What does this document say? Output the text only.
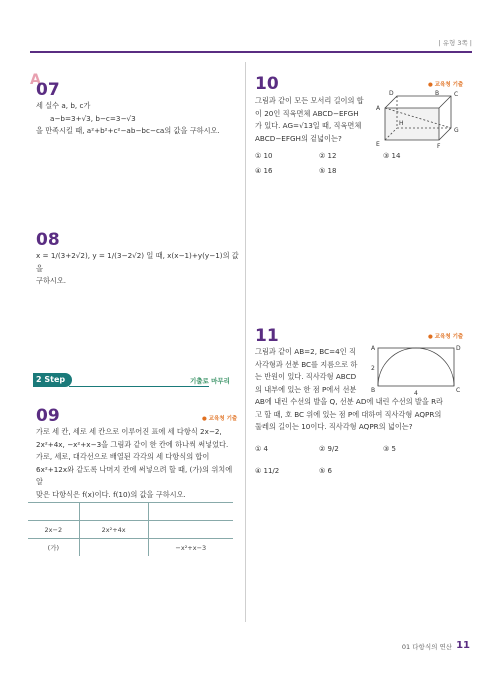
| 유형 3쪽 |
A
07
세 실수 a, b, c가
a−b=3+√3, b−c=3−√3
을 만족시킬 때, a²+b²+c²−ab−bc−ca의 값을 구하시오.
08
x = 1/(3+2√2), y = 1/(3−2√2) 일 때, x(x−1)+y(y−1)의 값을
구하시오.
2 Step	기출로 마무리
09	● 교육청 기출
가로 세 칸, 세로 세 칸으로 이루어진 표에 세 다항식 2x−2,
2x²+4x, −x²+x−3을 그림과 같이 한 칸에 하나씩 써넣었다.
가로, 세로, 대각선으로 배열된 각각의 세 다항식의 합이
6x²+12x와 같도록 나머지 칸에 써넣으려 할 때, (가)의 위치에 알
맞은 다항식은 f(x)이다. f(10)의 값을 구하시오.

2x−2	2x²+4x	
(가)		−x²+x−3
10	● 교육청 기출
그림과 같이 모든 모서리 길이의 합
이 20인 직육면체 ABCD−EFGH
가 있다. AG=√13일 때, 직육면체
ABCD−EFGH의 겉넓이는?
A
B C
D
E	F
G
H
① 10	② 12	③ 14
④ 16	⑤ 18
11	● 교육청 기출
그림과 같이 AB=2, BC=4인 직
사각형과 선분 BC를 지름으로 하
는 반원이 있다. 직사각형 ABCD
의 내부에 있는 한 점 P에서 선분
AB에 내린 수선의 발을 Q, 선분 AD에 내린 수선의 발을 R라
고 할 때, 호 BC 위에 있는 점 P에 대하여 직사각형 AQPR의
둘레의 길이는 10이다. 직사각형 AQPR의 넓이는?
A	D
B	C
2
4
① 4	② 9/2	③ 5
④ 11/2	⑤ 6
01 다항식의 연산 11
